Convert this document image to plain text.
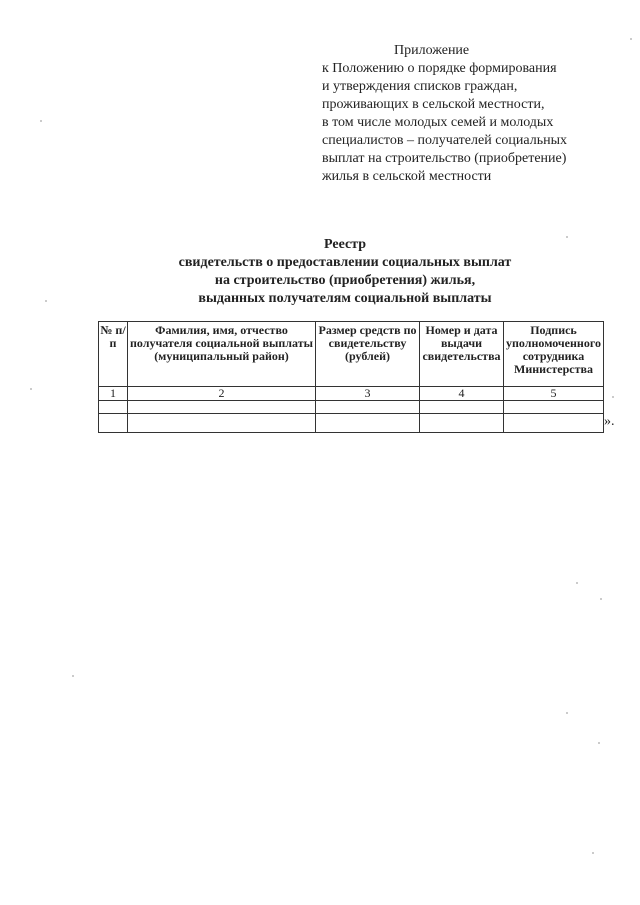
Приложение
к Положению о порядке формирования
и утверждения списков граждан,
проживающих в сельской местности,
в том числе молодых семей и молодых
специалистов – получателей социальных
выплат на строительство (приобретение)
жилья в сельской местности
Реестр
свидетельств о предоставлении социальных выплат
на строительство (приобретения) жилья,
выданных получателям социальной выплаты
№ п/п	Фамилия, имя, отчество получателя социальной выплаты (муниципальный район)	Размер средств по свидетельству (рублей)	Номер и дата выдачи свидетельства	Подпись уполномоченного сотрудника Министерства
1	2	3	4	5

».
